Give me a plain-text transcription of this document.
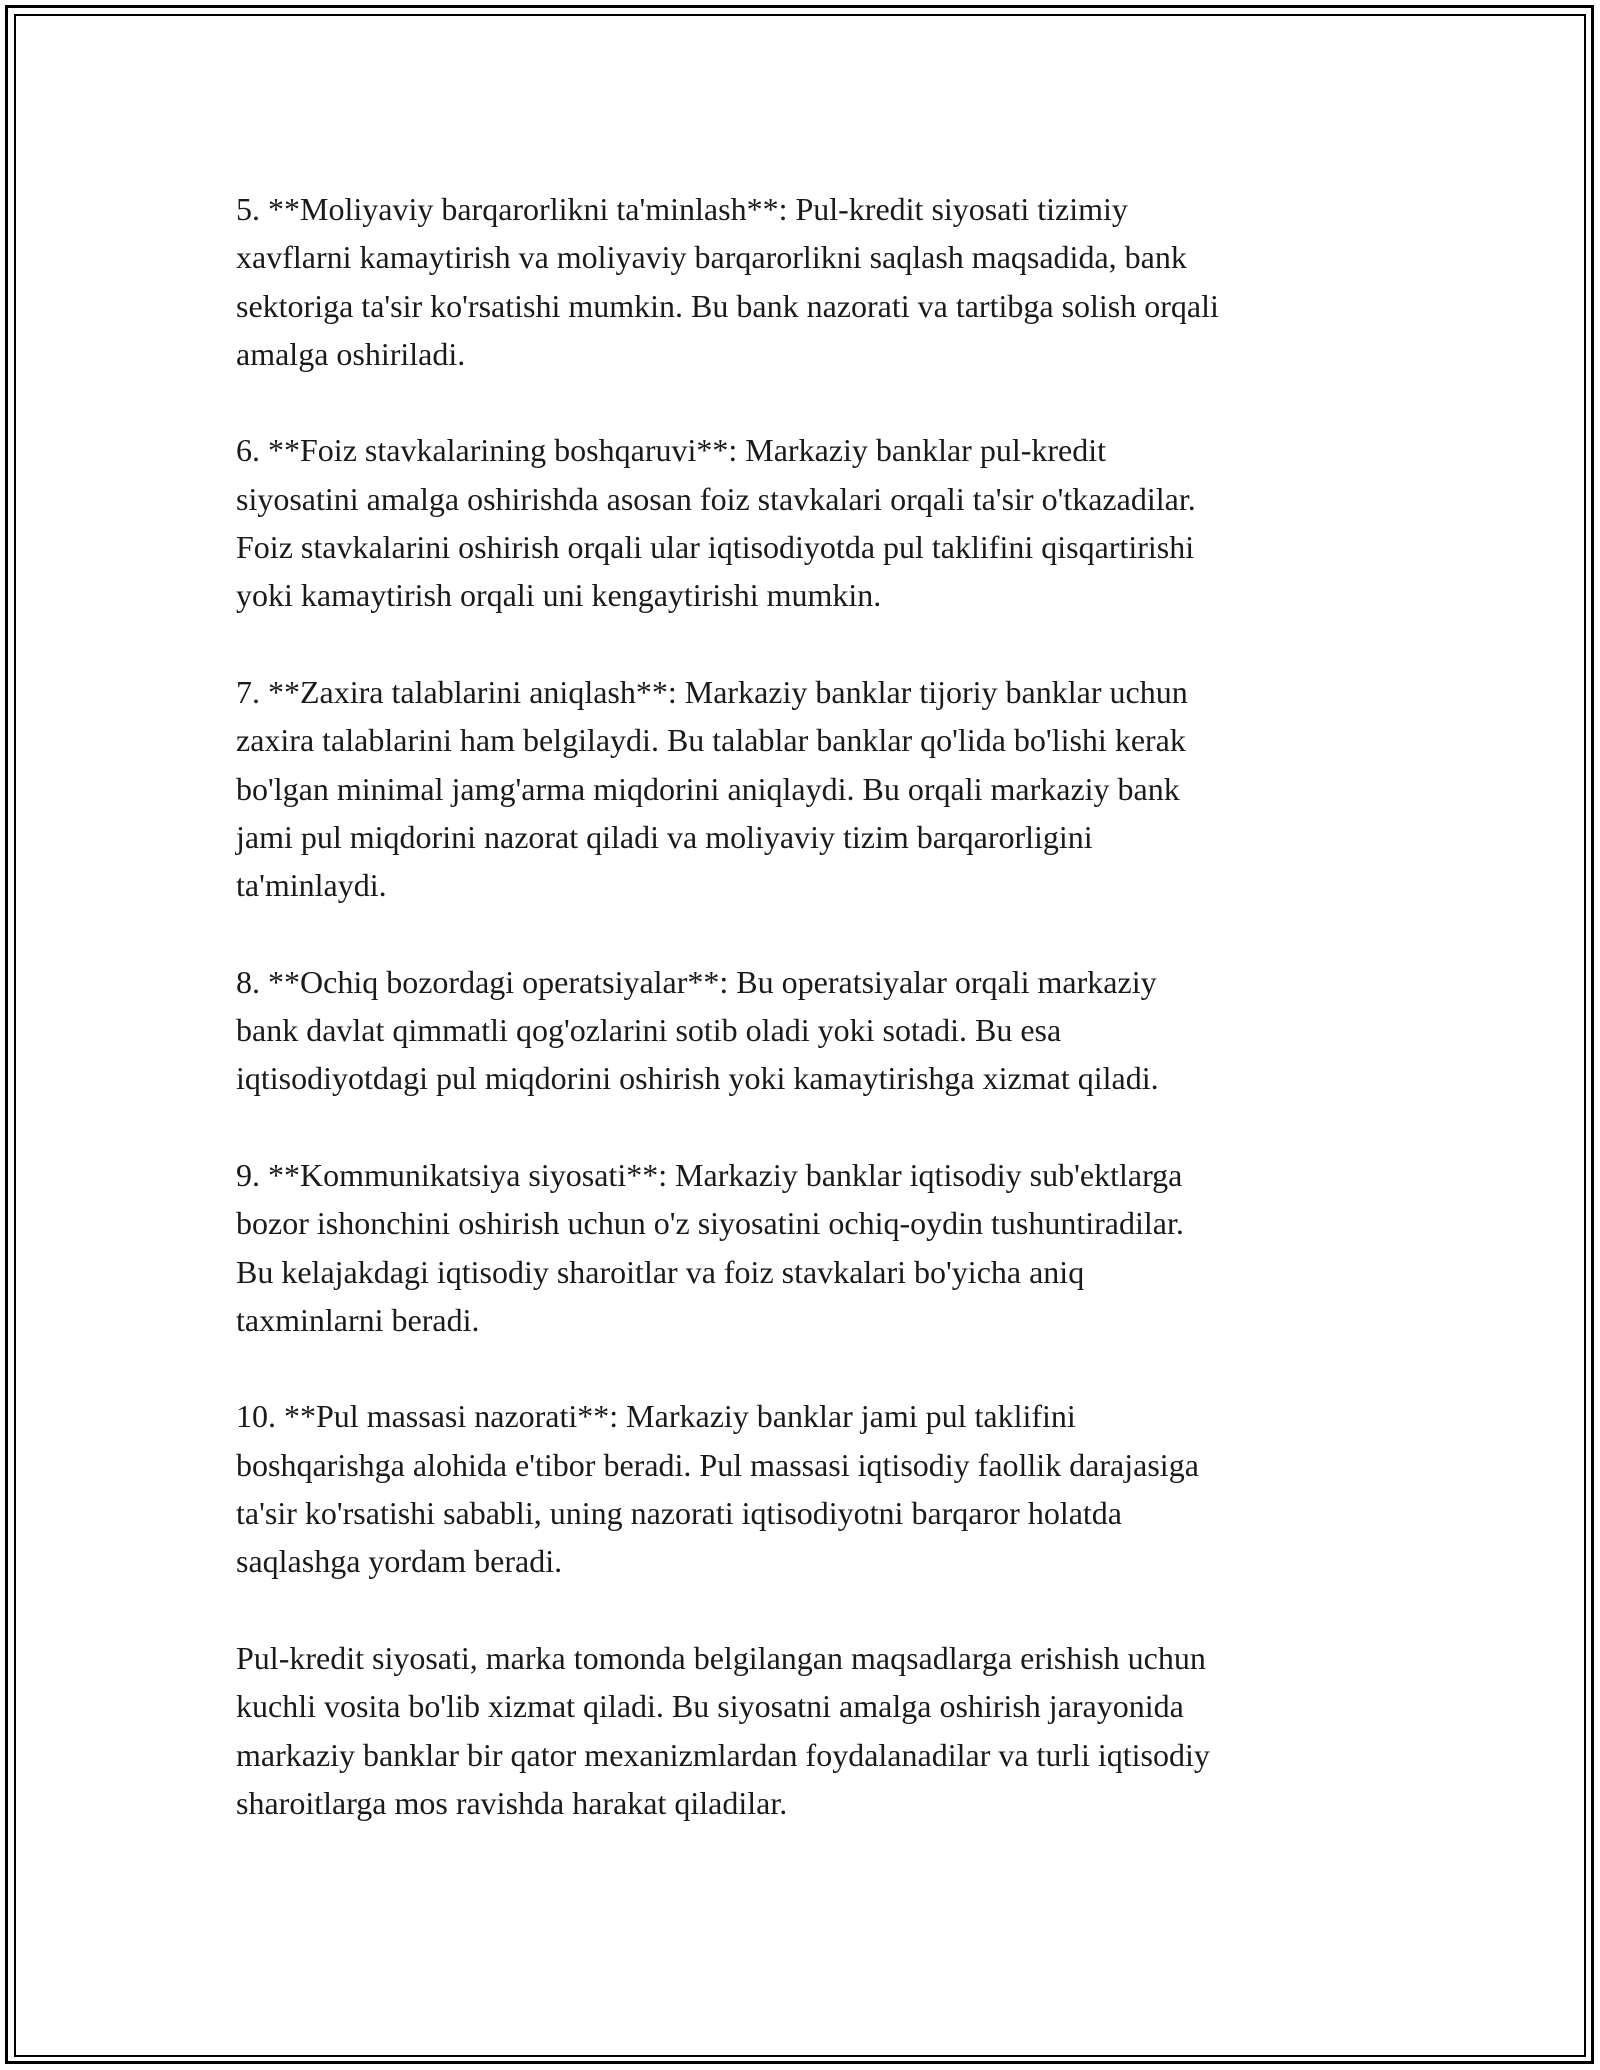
5. **Moliyaviy barqarorlikni ta'minlash**: Pul-kredit siyosati tizimiy
xavflarni kamaytirish va moliyaviy barqarorlikni saqlash maqsadida, bank
sektoriga ta'sir ko'rsatishi mumkin. Bu bank nazorati va tartibga solish orqali
amalga oshiriladi.

6. **Foiz stavkalarining boshqaruvi**: Markaziy banklar pul-kredit
siyosatini amalga oshirishda asosan foiz stavkalari orqali ta'sir o'tkazadilar.
Foiz stavkalarini oshirish orqali ular iqtisodiyotda pul taklifini qisqartirishi
yoki kamaytirish orqali uni kengaytirishi mumkin.

7. **Zaxira talablarini aniqlash**: Markaziy banklar tijoriy banklar uchun
zaxira talablarini ham belgilaydi. Bu talablar banklar qo'lida bo'lishi kerak
bo'lgan minimal jamg'arma miqdorini aniqlaydi. Bu orqali markaziy bank
jami pul miqdorini nazorat qiladi va moliyaviy tizim barqarorligini
ta'minlaydi.

8. **Ochiq bozordagi operatsiyalar**: Bu operatsiyalar orqali markaziy
bank davlat qimmatli qog'ozlarini sotib oladi yoki sotadi. Bu esa
iqtisodiyotdagi pul miqdorini oshirish yoki kamaytirishga xizmat qiladi.

9. **Kommunikatsiya siyosati**: Markaziy banklar iqtisodiy sub'ektlarga
bozor ishonchini oshirish uchun o'z siyosatini ochiq-oydin tushuntiradilar.
Bu kelajakdagi iqtisodiy sharoitlar va foiz stavkalari bo'yicha aniq
taxminlarni beradi.

10. **Pul massasi nazorati**: Markaziy banklar jami pul taklifini
boshqarishga alohida e'tibor beradi. Pul massasi iqtisodiy faollik darajasiga
ta'sir ko'rsatishi sababli, uning nazorati iqtisodiyotni barqaror holatda
saqlashga yordam beradi.

Pul-kredit siyosati, marka tomonda belgilangan maqsadlarga erishish uchun
kuchli vosita bo'lib xizmat qiladi. Bu siyosatni amalga oshirish jarayonida
markaziy banklar bir qator mexanizmlardan foydalanadilar va turli iqtisodiy
sharoitlarga mos ravishda harakat qiladilar.
